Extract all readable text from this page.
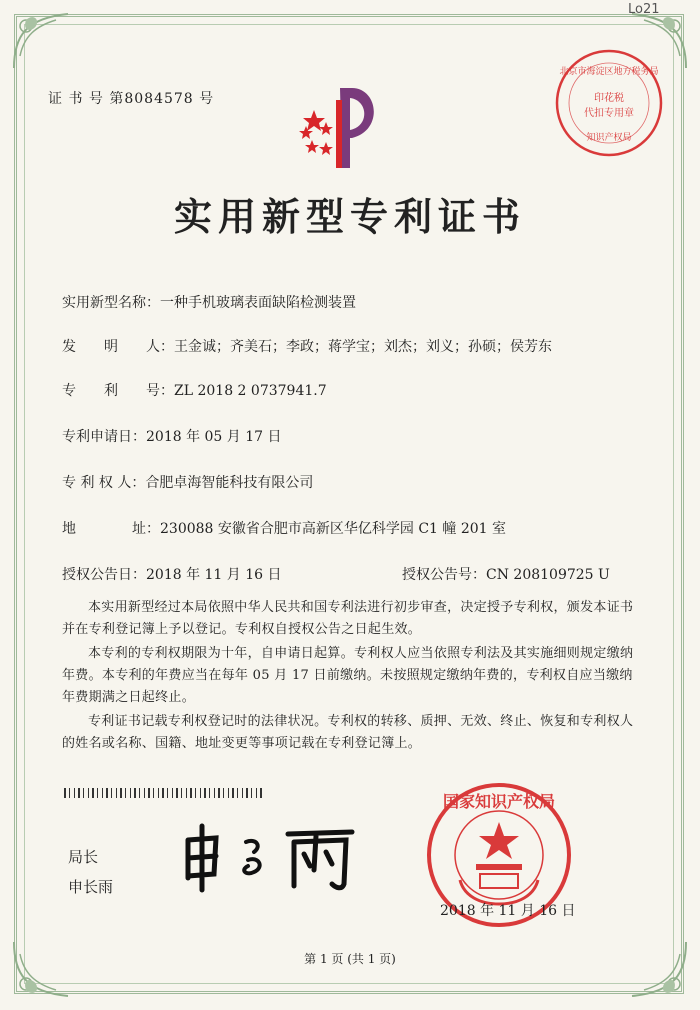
Lo21
证 书 号 第8084578 号
北京市海淀区地方税务局
印花税
代扣专用章
知识产权局
实用新型专利证书
实用新型名称：一种手机玻璃表面缺陷检测装置
发　　明　　人：王金诚；齐美石；李政；蒋学宝；刘杰；刘义；孙硕；侯芳东
专　　利　　号：ZL 2018 2 0737941.7
专利申请日：2018 年 05 月 17 日
专 利 权 人：合肥卓海智能科技有限公司
地　　　　址：230088 安徽省合肥市高新区华亿科学园 C1 幢 201 室
授权公告日：2018 年 11 月 16 日	授权公告号：CN 208109725 U
本实用新型经过本局依照中华人民共和国专利法进行初步审查，决定授予专利权，颁发本证书并在专利登记簿上予以登记。专利权自授权公告之日起生效。
本专利的专利权期限为十年，自申请日起算。专利权人应当依照专利法及其实施细则规定缴纳年费。本专利的年费应当在每年 05 月 17 日前缴纳。未按照规定缴纳年费的，专利权自应当缴纳年费期满之日起终止。
专利证书记载专利权登记时的法律状况。专利权的转移、质押、无效、终止、恢复和专利权人的姓名或名称、国籍、地址变更等事项记载在专利登记簿上。
局长
申长雨
国家知识产权局
2018 年 11 月 16 日
第 1 页 (共 1 页)
